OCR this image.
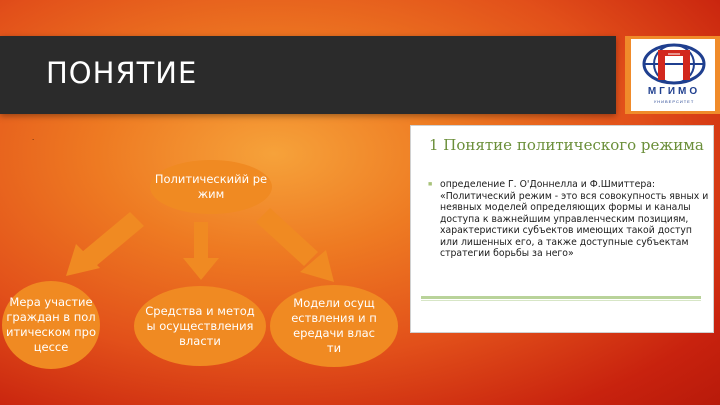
ПОНЯТИЕ
МГИМО
УНИВЕРСИТЕТ
.
Политическийй режим
Мера участие граждан в политическом процессе
Средства и методы осуществления власти
Модели осуществления и передачи власти
1 Понятие политического режима
■ определение Г. О'Доннелла и Ф.Шмиттера: «Политический режим - это вся совокупность явных и неявных моделей определяющих формы и каналы доступа к важнейшим управленческим позициям, характеристики субъектов имеющих такой доступ или лишенных его, а также доступные субъектам стратегии борьбы за него»
